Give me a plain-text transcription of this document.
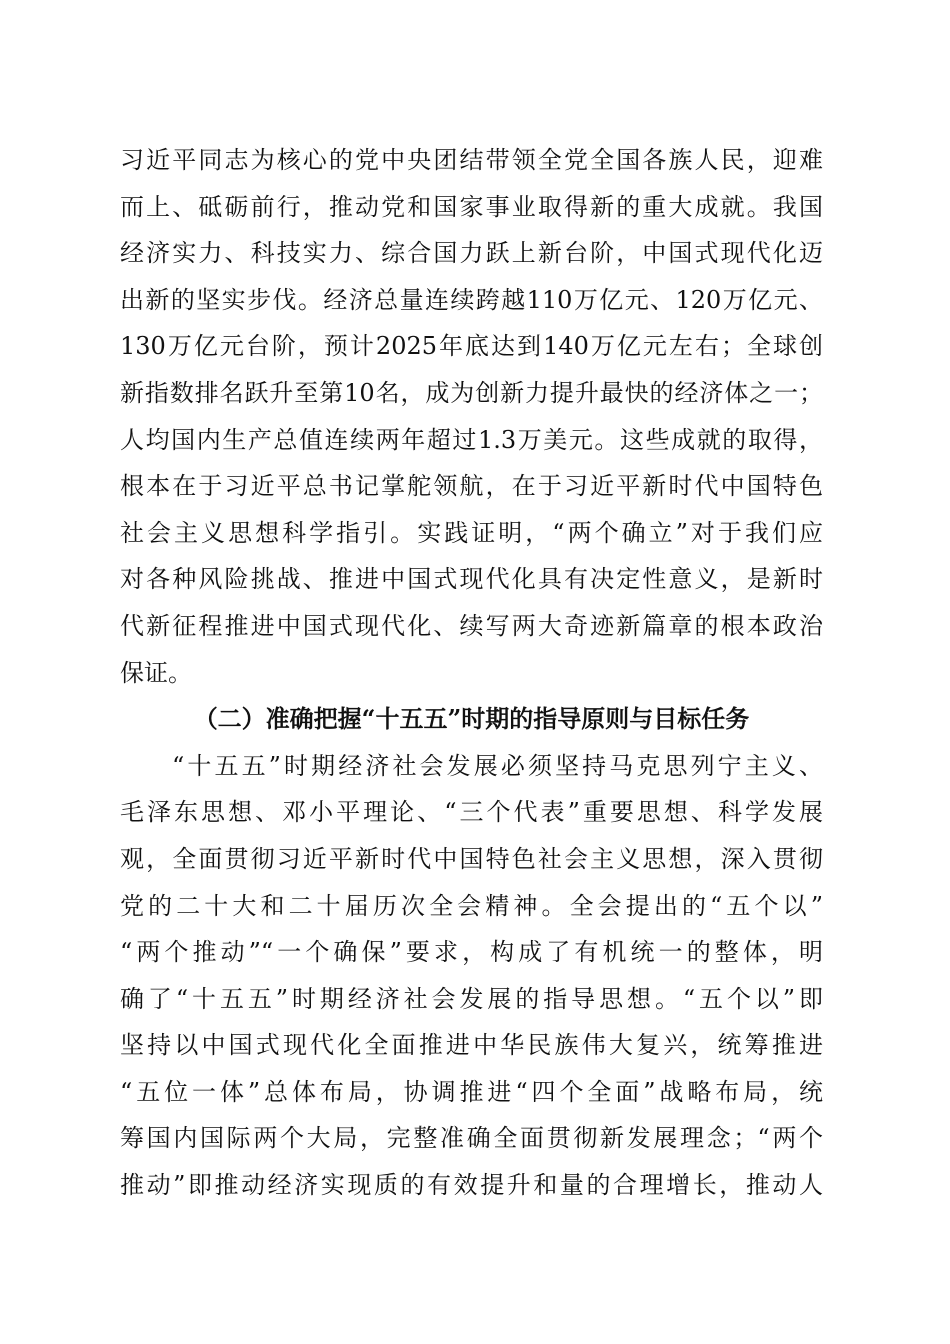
习近平同志为核心的党中央团结带领全党全国各族人民，迎难
而上、砥砺前行，推动党和国家事业取得新的重大成就。我国
经济实力、科技实力、综合国力跃上新台阶，中国式现代化迈
出新的坚实步伐。经济总量连续跨越110万亿元、120万亿元、
130万亿元台阶，预计2025年底达到140万亿元左右；全球创
新指数排名跃升至第10名，成为创新力提升最快的经济体之一；
人均国内生产总值连续两年超过1.3万美元。这些成就的取得，
根本在于习近平总书记掌舵领航，在于习近平新时代中国特色
社会主义思想科学指引。实践证明，“两个确立”对于我们应
对各种风险挑战、推进中国式现代化具有决定性意义，是新时
代新征程推进中国式现代化、续写两大奇迹新篇章的根本政治
保证。
（二）准确把握“十五五”时期的指导原则与目标任务
“十五五”时期经济社会发展必须坚持马克思列宁主义、
毛泽东思想、邓小平理论、“三个代表”重要思想、科学发展
观，全面贯彻习近平新时代中国特色社会主义思想，深入贯彻
党的二十大和二十届历次全会精神。全会提出的“五个以”
“两个推动”“一个确保”要求，构成了有机统一的整体，明
确了“十五五”时期经济社会发展的指导思想。“五个以”即
坚持以中国式现代化全面推进中华民族伟大复兴，统筹推进
“五位一体”总体布局，协调推进“四个全面”战略布局，统
筹国内国际两个大局，完整准确全面贯彻新发展理念；“两个
推动”即推动经济实现质的有效提升和量的合理增长，推动人
